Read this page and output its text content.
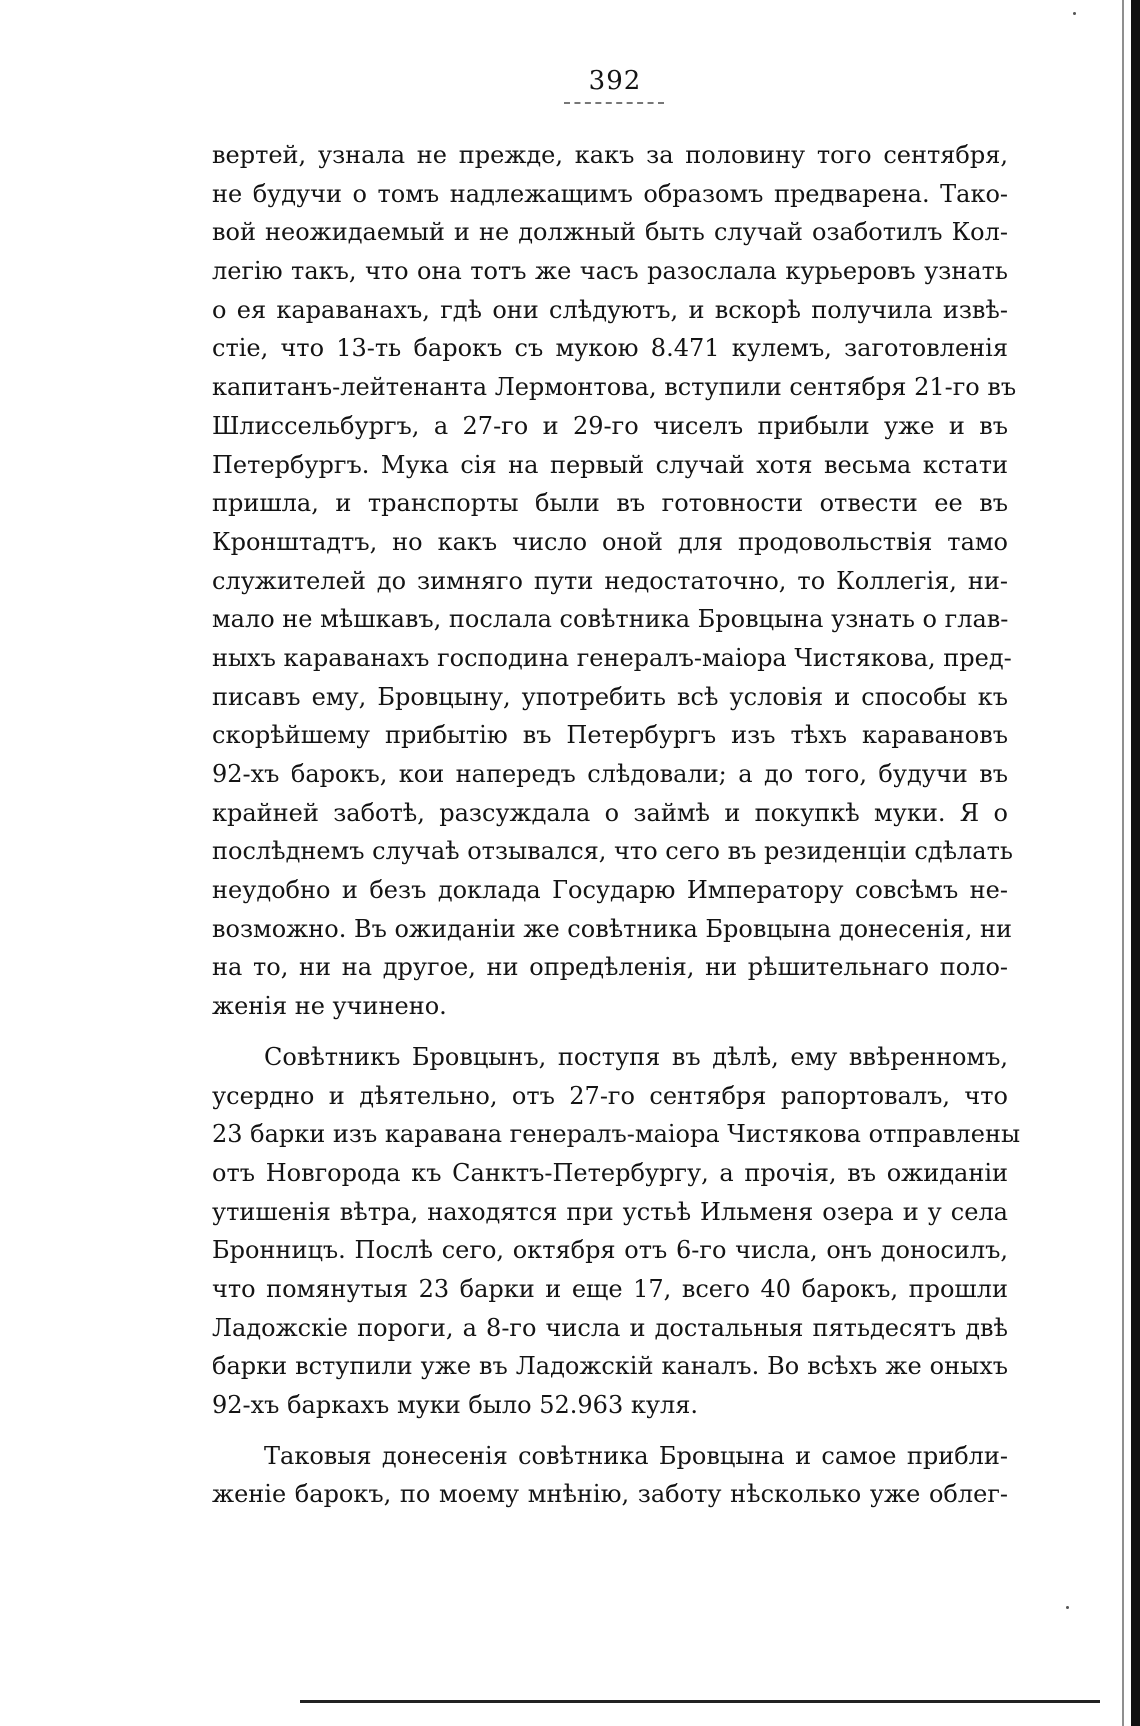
392
вертей, узнала не прежде, какъ за половину того сентября,
не будучи о томъ надлежащимъ образомъ предварена. Тако-
вой неожидаемый и не должный быть случай озаботилъ Кол-
легію такъ, что она тотъ же часъ разослала курьеровъ узнать
о ея караванахъ, гдѣ они слѣдуютъ, и вскорѣ получила извѣ-
стіе, что 13-ть барокъ съ мукою 8.471 кулемъ, заготовленія
капитанъ-лейтенанта Лермонтова, вступили сентября 21-го въ
Шлиссельбургъ, а 27-го и 29-го чиселъ прибыли уже и въ
Петербургъ. Мука сія на первый случай хотя весьма кстати
пришла, и транспорты были въ готовности отвести ее въ
Кронштадтъ, но какъ число оной для продовольствія тамо
служителей до зимняго пути недостаточно, то Коллегія, ни-
мало не мѣшкавъ, послала совѣтника Бровцына узнать о глав-
ныхъ караванахъ господина генералъ-маіора Чистякова, пред-
писавъ ему, Бровцыну, употребить всѣ условія и способы къ
скорѣйшему прибытію въ Петербургъ изъ тѣхъ каравановъ
92-хъ барокъ, кои напередъ слѣдовали; а до того, будучи въ
крайней заботѣ, разсуждала о займѣ и покупкѣ муки. Я о
послѣднемъ случаѣ отзывался, что сего въ резиденціи сдѣлать
неудобно и безъ доклада Государю Императору совсѣмъ не-
возможно. Въ ожиданіи же совѣтника Бровцына донесенія, ни
на то, ни на другое, ни опредѣленія, ни рѣшительнаго поло-
женія не учинено.
Совѣтникъ Бровцынъ, поступя въ дѣлѣ, ему ввѣренномъ,
усердно и дѣятельно, отъ 27-го сентября рапортовалъ, что
23 барки изъ каравана генералъ-маіора Чистякова отправлены
отъ Новгорода къ Санктъ-Петербургу, а прочія, въ ожиданіи
утишенія вѣтра, находятся при устьѣ Ильменя озера и у села
Бронницъ. Послѣ сего, октября отъ 6-го числа, онъ доносилъ,
что помянутыя 23 барки и еще 17, всего 40 барокъ, прошли
Ладожскіе пороги, а 8-го числа и достальныя пятьдесятъ двѣ
барки вступили уже въ Ладожскій каналъ. Во всѣхъ же оныхъ
92-хъ баркахъ муки было 52.963 куля.
Таковыя донесенія совѣтника Бровцына и самое прибли-
женіе барокъ, по моему мнѣнію, заботу нѣсколько уже облег-
